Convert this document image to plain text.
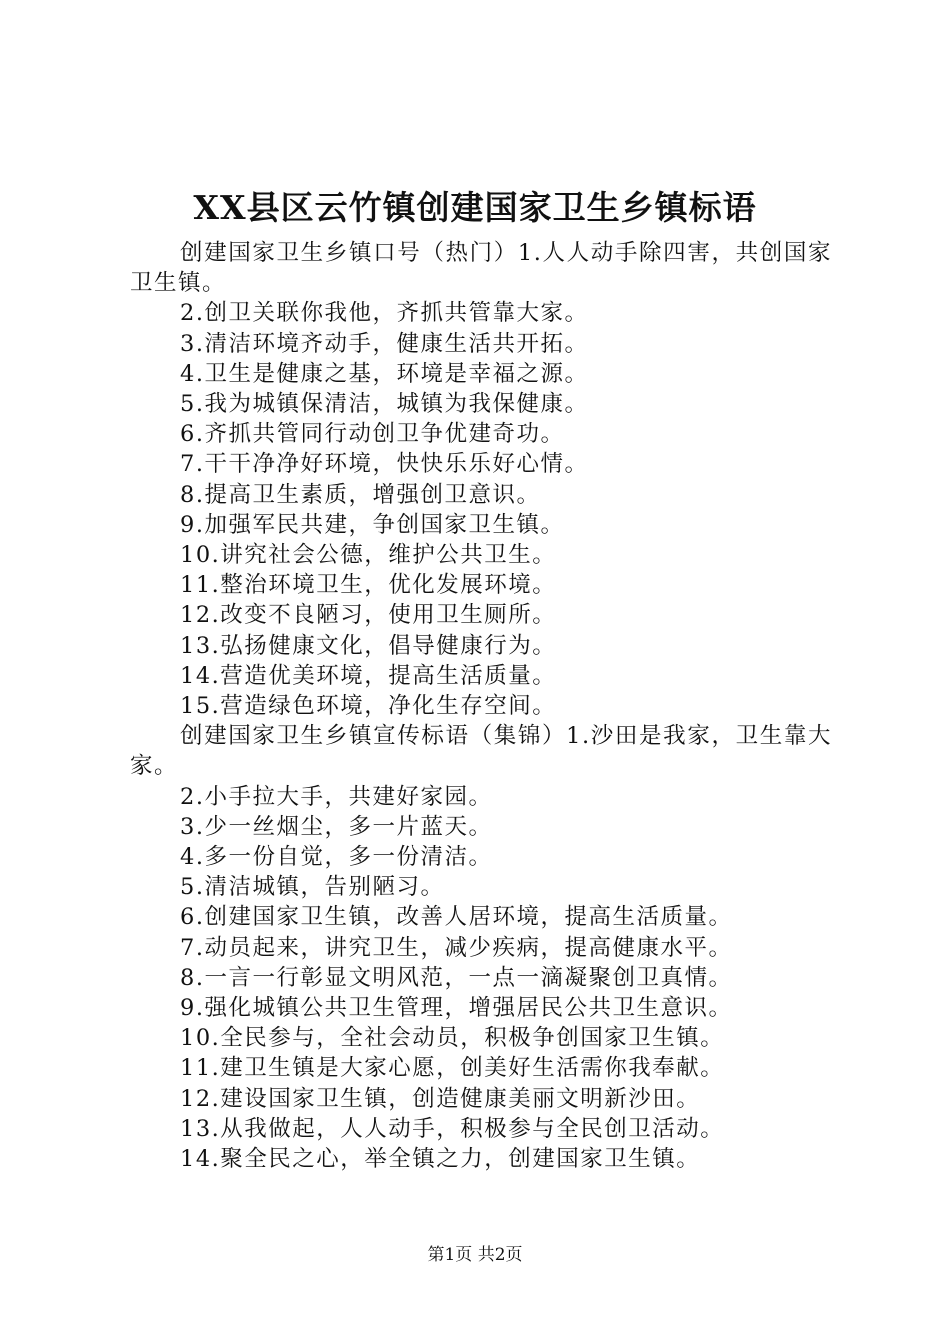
XX县区云竹镇创建国家卫生乡镇标语

创建国家卫生乡镇口号（热门）1.人人动手除四害，共创国家卫生镇。

2.创卫关联你我他，齐抓共管靠大家。

3.清洁环境齐动手，健康生活共开拓。

4.卫生是健康之基，环境是幸福之源。

5.我为城镇保清洁，城镇为我保健康。

6.齐抓共管同行动创卫争优建奇功。

7.干干净净好环境，快快乐乐好心情。

8.提高卫生素质，增强创卫意识。

9.加强军民共建，争创国家卫生镇。

10.讲究社会公德，维护公共卫生。

11.整治环境卫生，优化发展环境。

12.改变不良陋习，使用卫生厕所。

13.弘扬健康文化，倡导健康行为。

14.营造优美环境，提高生活质量。

15.营造绿色环境，净化生存空间。

创建国家卫生乡镇宣传标语（集锦）1.沙田是我家，卫生靠大家。

2.小手拉大手，共建好家园。

3.少一丝烟尘，多一片蓝天。

4.多一份自觉，多一份清洁。

5.清洁城镇，告别陋习。

6.创建国家卫生镇，改善人居环境，提高生活质量。

7.动员起来，讲究卫生，减少疾病，提高健康水平。

8.一言一行彰显文明风范，一点一滴凝聚创卫真情。

9.强化城镇公共卫生管理，增强居民公共卫生意识。

10.全民参与，全社会动员，积极争创国家卫生镇。

11.建卫生镇是大家心愿，创美好生活需你我奉献。

12.建设国家卫生镇，创造健康美丽文明新沙田。

13.从我做起，人人动手，积极参与全民创卫活动。

14.聚全民之心，举全镇之力，创建国家卫生镇。

第1页 共2页
